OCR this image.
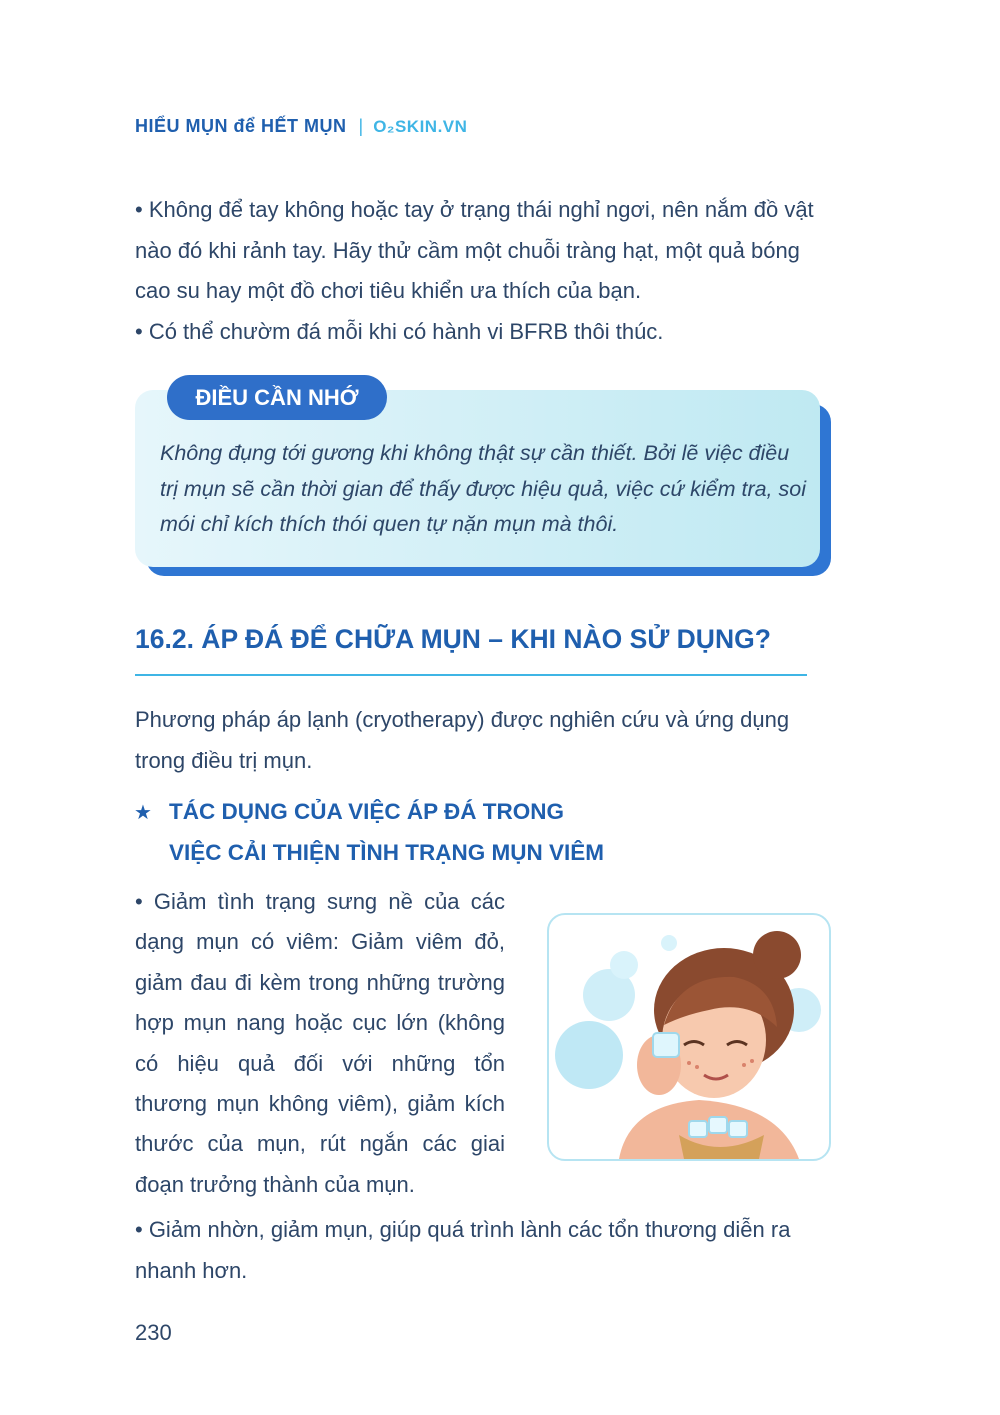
HIỂU MỤN để HẾT MỤN | O₂SKIN.VN
• Không để tay không hoặc tay ở trạng thái nghỉ ngơi, nên nắm đồ vật nào đó khi rảnh tay. Hãy thử cầm một chuỗi tràng hạt, một quả bóng cao su hay một đồ chơi tiêu khiển ưa thích của bạn.
• Có thể chườm đá mỗi khi có hành vi BFRB thôi thúc.
ĐIỀU CẦN NHỚ
Không đụng tới gương khi không thật sự cần thiết. Bởi lẽ việc điều trị mụn sẽ cần thời gian để thấy được hiệu quả, việc cứ kiểm tra, soi mói chỉ kích thích thói quen tự nặn mụn mà thôi.
16.2. ÁP ĐÁ ĐỂ CHỮA MỤN – KHI NÀO SỬ DỤNG?
Phương pháp áp lạnh (cryotherapy) được nghiên cứu và ứng dụng trong điều trị mụn.
★ TÁC DỤNG CỦA VIỆC ÁP ĐÁ TRONG
VIỆC CẢI THIỆN TÌNH TRẠNG MỤN VIÊM
• Giảm tình trạng sưng nề của các dạng mụn có viêm: Giảm viêm đỏ, giảm đau đi kèm trong những trường hợp mụn nang hoặc cục lớn (không có hiệu quả đối với những tổn thương mụn không viêm), giảm kích thước của mụn, rút ngắn các giai đoạn trưởng thành của mụn.
• Giảm nhờn, giảm mụn, giúp quá trình lành các tổn thương diễn ra nhanh hơn.
230
